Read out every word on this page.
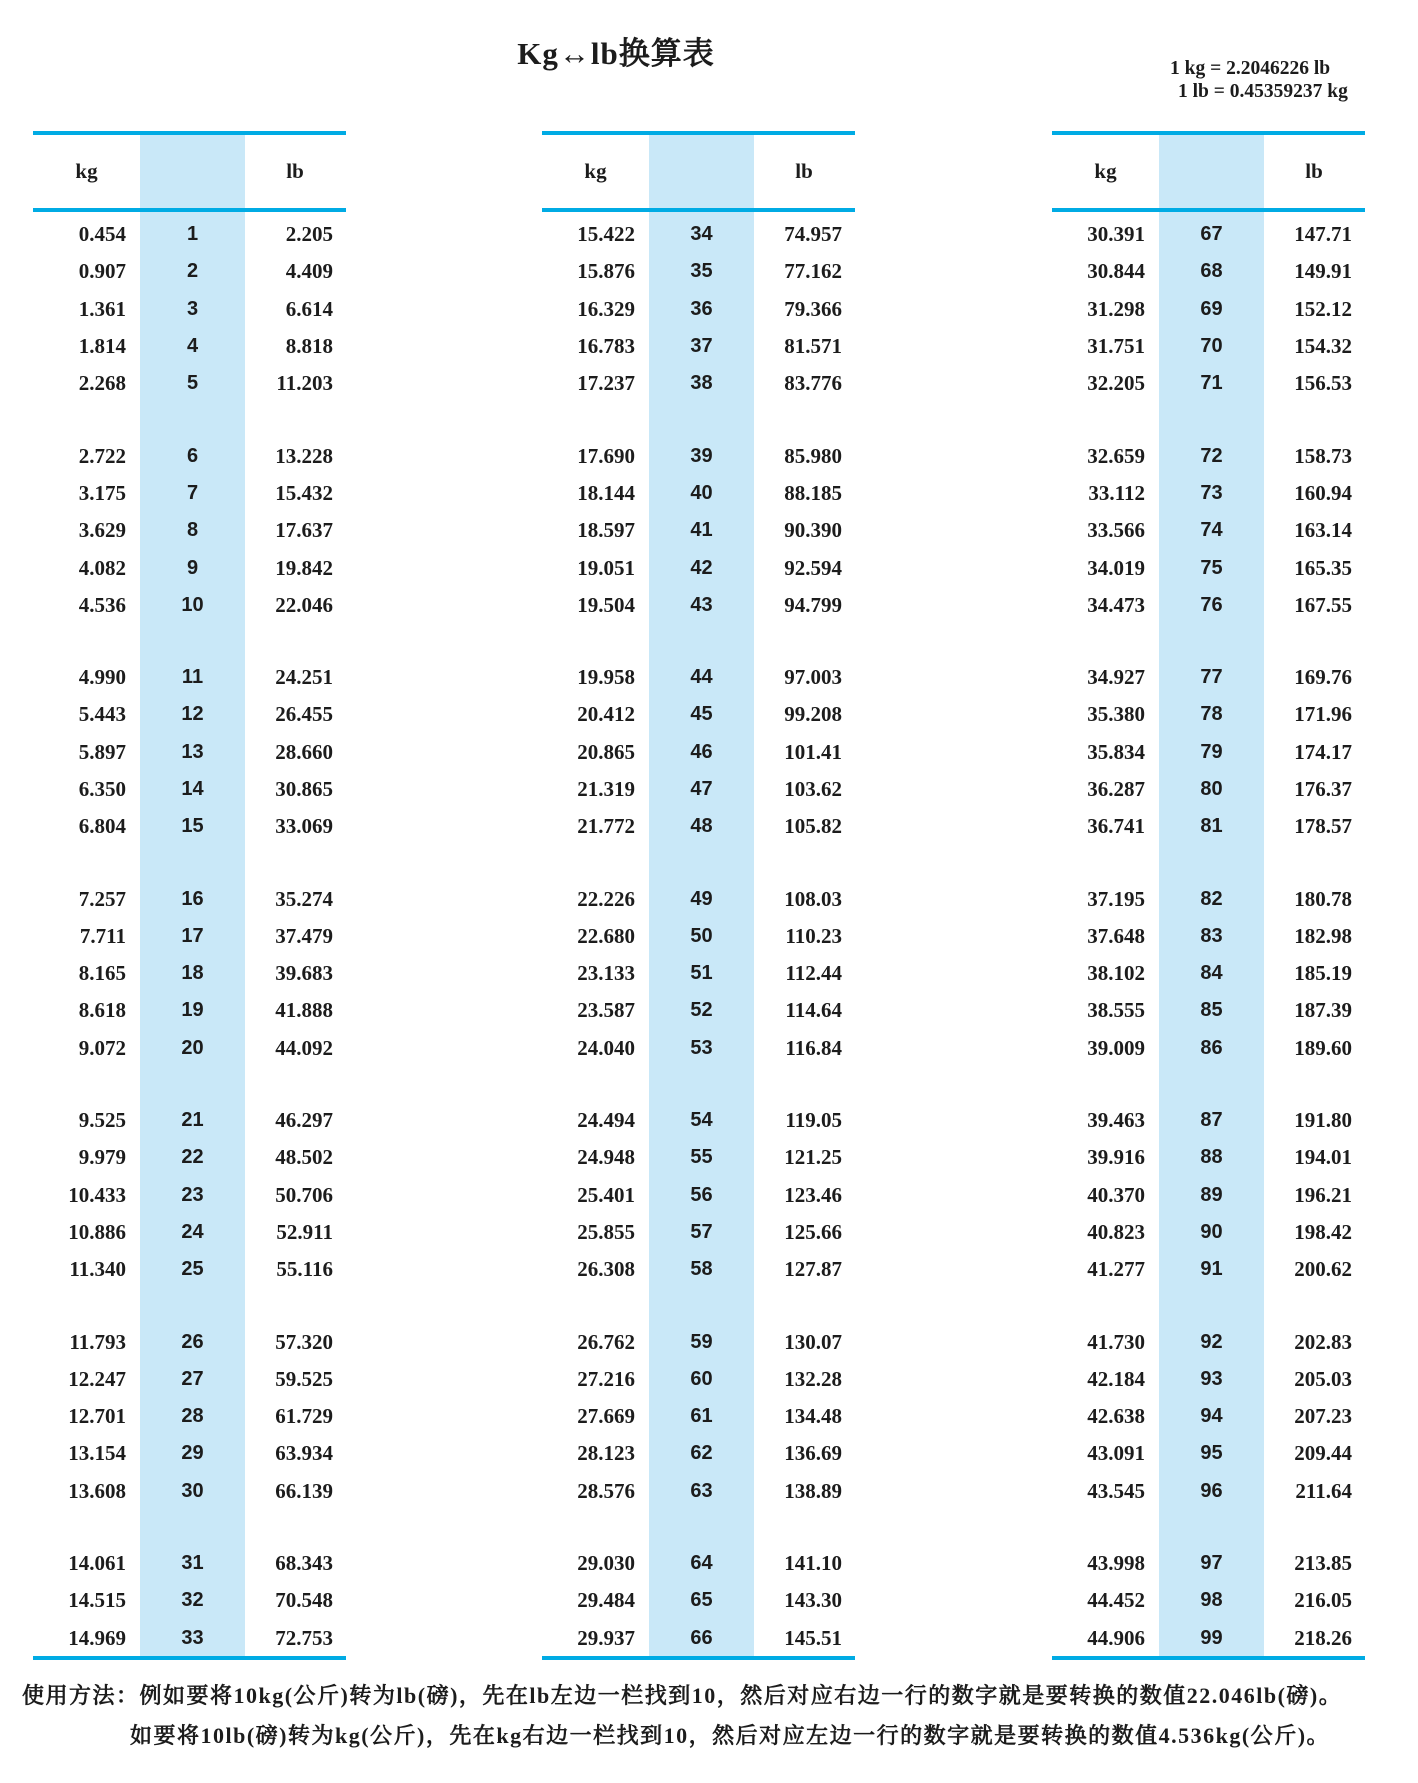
Kg↔lb换算表	1 kg = 2.2046226 lb
1 lb = 0.45359237 kg
kg	lb
0.454	1	2.205
0.907	2	4.409
1.361	3	6.614
1.814	4	8.818
2.268	5	11.203
2.722	6	13.228
3.175	7	15.432
3.629	8	17.637
4.082	9	19.842
4.536	10	22.046
4.990	11	24.251
5.443	12	26.455
5.897	13	28.660
6.350	14	30.865
6.804	15	33.069
7.257	16	35.274
7.711	17	37.479
8.165	18	39.683
8.618	19	41.888
9.072	20	44.092
9.525	21	46.297
9.979	22	48.502
10.433	23	50.706
10.886	24	52.911
11.340	25	55.116
11.793	26	57.320
12.247	27	59.525
12.701	28	61.729
13.154	29	63.934
13.608	30	66.139
14.061	31	68.343
14.515	32	70.548
14.969	33	72.753
kg	lb
15.422	34	74.957
15.876	35	77.162
16.329	36	79.366
16.783	37	81.571
17.237	38	83.776
17.690	39	85.980
18.144	40	88.185
18.597	41	90.390
19.051	42	92.594
19.504	43	94.799
19.958	44	97.003
20.412	45	99.208
20.865	46	101.41
21.319	47	103.62
21.772	48	105.82
22.226	49	108.03
22.680	50	110.23
23.133	51	112.44
23.587	52	114.64
24.040	53	116.84
24.494	54	119.05
24.948	55	121.25
25.401	56	123.46
25.855	57	125.66
26.308	58	127.87
26.762	59	130.07
27.216	60	132.28
27.669	61	134.48
28.123	62	136.69
28.576	63	138.89
29.030	64	141.10
29.484	65	143.30
29.937	66	145.51
kg	lb
30.391	67	147.71
30.844	68	149.91
31.298	69	152.12
31.751	70	154.32
32.205	71	156.53
32.659	72	158.73
33.112	73	160.94
33.566	74	163.14
34.019	75	165.35
34.473	76	167.55
34.927	77	169.76
35.380	78	171.96
35.834	79	174.17
36.287	80	176.37
36.741	81	178.57
37.195	82	180.78
37.648	83	182.98
38.102	84	185.19
38.555	85	187.39
39.009	86	189.60
39.463	87	191.80
39.916	88	194.01
40.370	89	196.21
40.823	90	198.42
41.277	91	200.62
41.730	92	202.83
42.184	93	205.03
42.638	94	207.23
43.091	95	209.44
43.545	96	211.64
43.998	97	213.85
44.452	98	216.05
44.906	99	218.26
使用方法：例如要将10kg(公斤)转为lb(磅)，先在lb左边一栏找到10，然后对应右边一行的数字就是要转换的数值22.046lb(磅)。
如要将10lb(磅)转为kg(公斤)，先在kg右边一栏找到10，然后对应左边一行的数字就是要转换的数值4.536kg(公斤)。
